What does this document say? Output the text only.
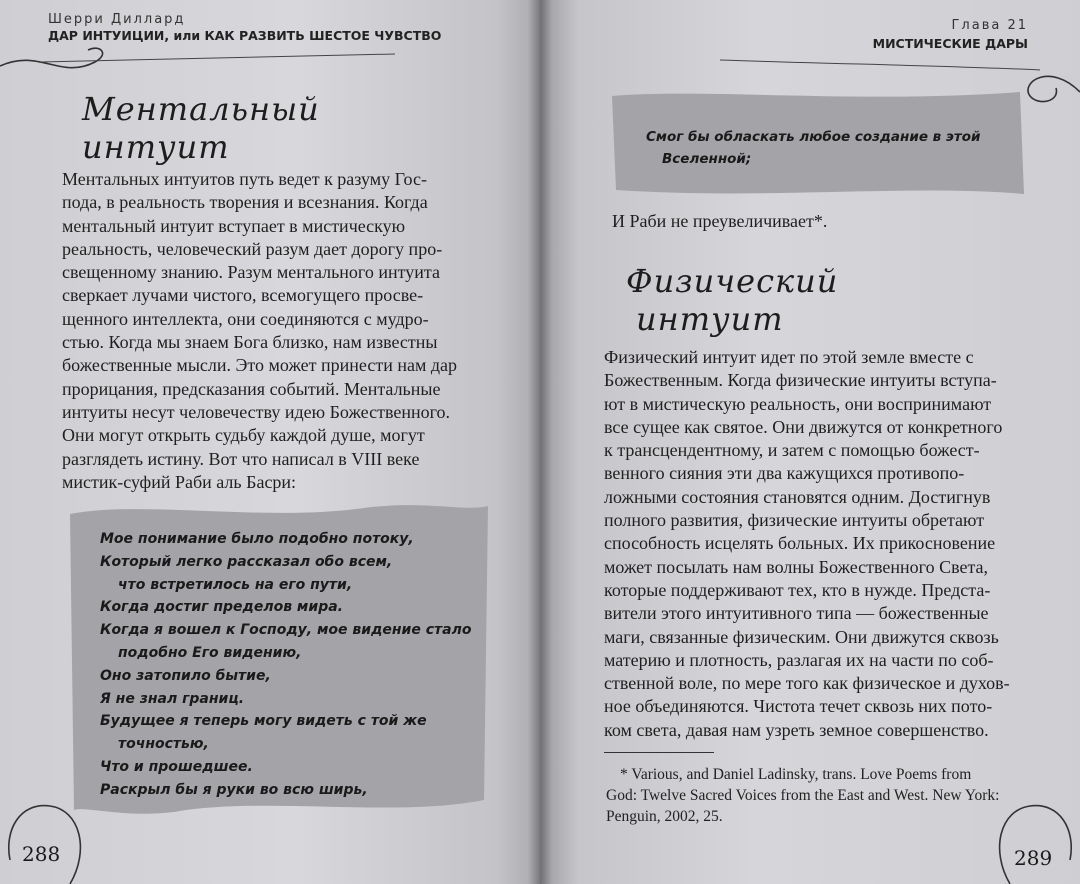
Шерри Диллард
ДАР ИНТУИЦИИ, или КАК РАЗВИТЬ ШЕСТОЕ ЧУВСТВО
Ментальный
интуит
Ментальных интуитов путь ведет к разуму Гос-
пода, в реальность творения и всезнания. Когда
ментальный интуит вступает в мистическую
реальность, человеческий разум дает дорогу про-
свещенному знанию. Разум ментального интуита
сверкает лучами чистого, всемогущего просве-
щенного интеллекта, они соединяются с мудро-
стью. Когда мы знаем Бога близко, нам известны
божественные мысли. Это может принести нам дар
прорицания, предсказания событий. Ментальные
интуиты несут человечеству идею Божественного.
Они могут открыть судьбу каждой душе, могут
разглядеть истину. Вот что написал в VIII веке
мистик-суфий Раби аль Басри:
Мое понимание было подобно потоку,
Который легко рассказал обо всем,
что встретилось на его пути,
Когда достиг пределов мира.
Когда я вошел к Господу, мое видение стало
подобно Его видению,
Оно затопило бытие,
Я не знал границ.
Будущее я теперь могу видеть с той же
точностью,
Что и прошедшее.
Раскрыл бы я руки во всю ширь,
288
Глава 21
МИСТИЧЕСКИЕ ДАРЫ
Смог бы обласкать любое создание в этой
Вселенной;
И Раби не преувеличивает*.
Физический
интуит
Физический интуит идет по этой земле вместе с
Божественным. Когда физические интуиты вступа-
ют в мистическую реальность, они воспринимают
все сущее как святое. Они движутся от конкретного
к трансцендентному, и затем с помощью божест-
венного сияния эти два кажущихся противопо-
ложными состояния становятся одним. Достигнув
полного развития, физические интуиты обретают
способность исцелять больных. Их прикосновение
может посылать нам волны Божественного Света,
которые поддерживают тех, кто в нужде. Предста-
вители этого интуитивного типа — божественные
маги, связанные физическим. Они движутся сквозь
материю и плотность, разлагая их на части по соб-
ственной воле, по мере того как физическое и духов-
ное объединяются. Чистота течет сквозь них пото-
ком света, давая нам узреть земное совершенство.
* Various, and Daniel Ladinsky, trans. Love Poems from
God: Twelve Sacred Voices from the East and West. New York:
Penguin, 2002, 25.
289
